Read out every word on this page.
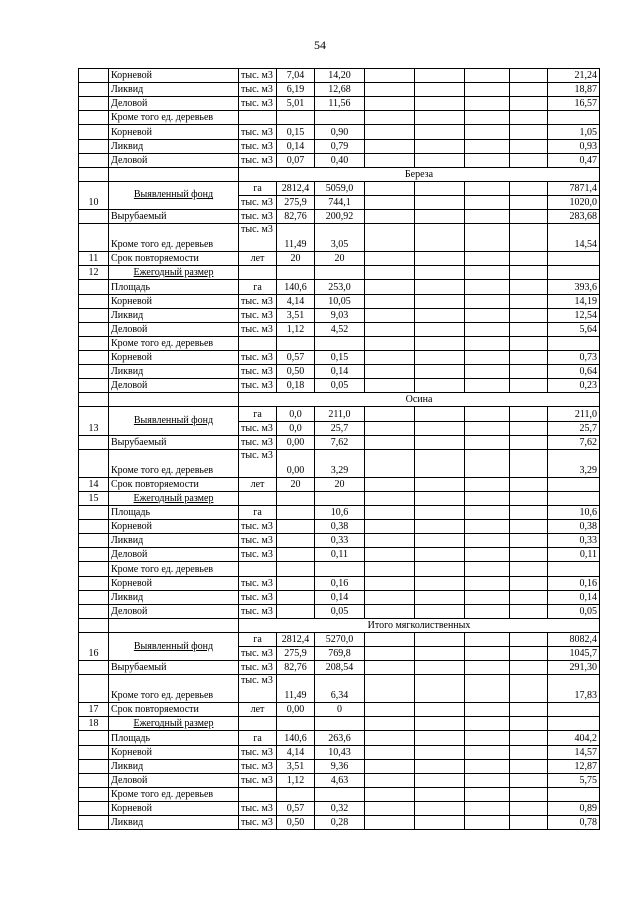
54
	Корневой	тыс. м3	7,04	14,20					21,24
	Ликвид	тыс. м3	6,19	12,68					18,87
	Деловой	тыс. м3	5,01	11,56					16,57
	Кроме того ед. деревьев								
	Корневой	тыс. м3	0,15	0,90					1,05
	Ликвид	тыс. м3	0,14	0,79					0,93
	Деловой	тыс. м3	0,07	0,40					0,47
		Береза							
10	Выявленный фонд	га	2812,4	5059,0					7871,4
		тыс. м3	275,9	744,1					1020,0
	Вырубаемый	тыс. м3	82,76	200,92					283,68
	Кроме того ед. деревьев	тыс. м3	11,49	3,05					14,54
11	Срок повторяемости	лет	20	20					
12	Ежегодный размер								
	Площадь	га	140,6	253,0					393,6
	Корневой	тыс. м3	4,14	10,05					14,19
	Ликвид	тыс. м3	3,51	9,03					12,54
	Деловой	тыс. м3	1,12	4,52					5,64
	Кроме того ед. деревьев								
	Корневой	тыс. м3	0,57	0,15					0,73
	Ликвид	тыс. м3	0,50	0,14					0,64
	Деловой	тыс. м3	0,18	0,05					0,23
		Осина							
13	Выявленный фонд	га	0,0	211,0					211,0
		тыс. м3	0,0	25,7					25,7
	Вырубаемый	тыс. м3	0,00	7,62					7,62
	Кроме того ед. деревьев	тыс. м3	0,00	3,29					3,29
14	Срок повторяемости	лет	20	20					
15	Ежегодный размер								
	Площадь	га		10,6					10,6
	Корневой	тыс. м3		0,38					0,38
	Ликвид	тыс. м3		0,33					0,33
	Деловой	тыс. м3		0,11					0,11
	Кроме того ед. деревьев								
	Корневой	тыс. м3		0,16					0,16
	Ликвид	тыс. м3		0,14					0,14
	Деловой	тыс. м3		0,05					0,05
		Итого мягколиственных							
16	Выявленный фонд	га	2812,4	5270,0					8082,4
		тыс. м3	275,9	769,8					1045,7
	Вырубаемый	тыс. м3	82,76	208,54					291,30
	Кроме того ед. деревьев	тыс. м3	11,49	6,34					17,83
17	Срок повторяемости	лет	0,00	0					
18	Ежегодный размер								
	Площадь	га	140,6	263,6					404,2
	Корневой	тыс. м3	4,14	10,43					14,57
	Ликвид	тыс. м3	3,51	9,36					12,87
	Деловой	тыс. м3	1,12	4,63					5,75
	Кроме того ед. деревьев								
	Корневой	тыс. м3	0,57	0,32					0,89
	Ликвид	тыс. м3	0,50	0,28					0,78
